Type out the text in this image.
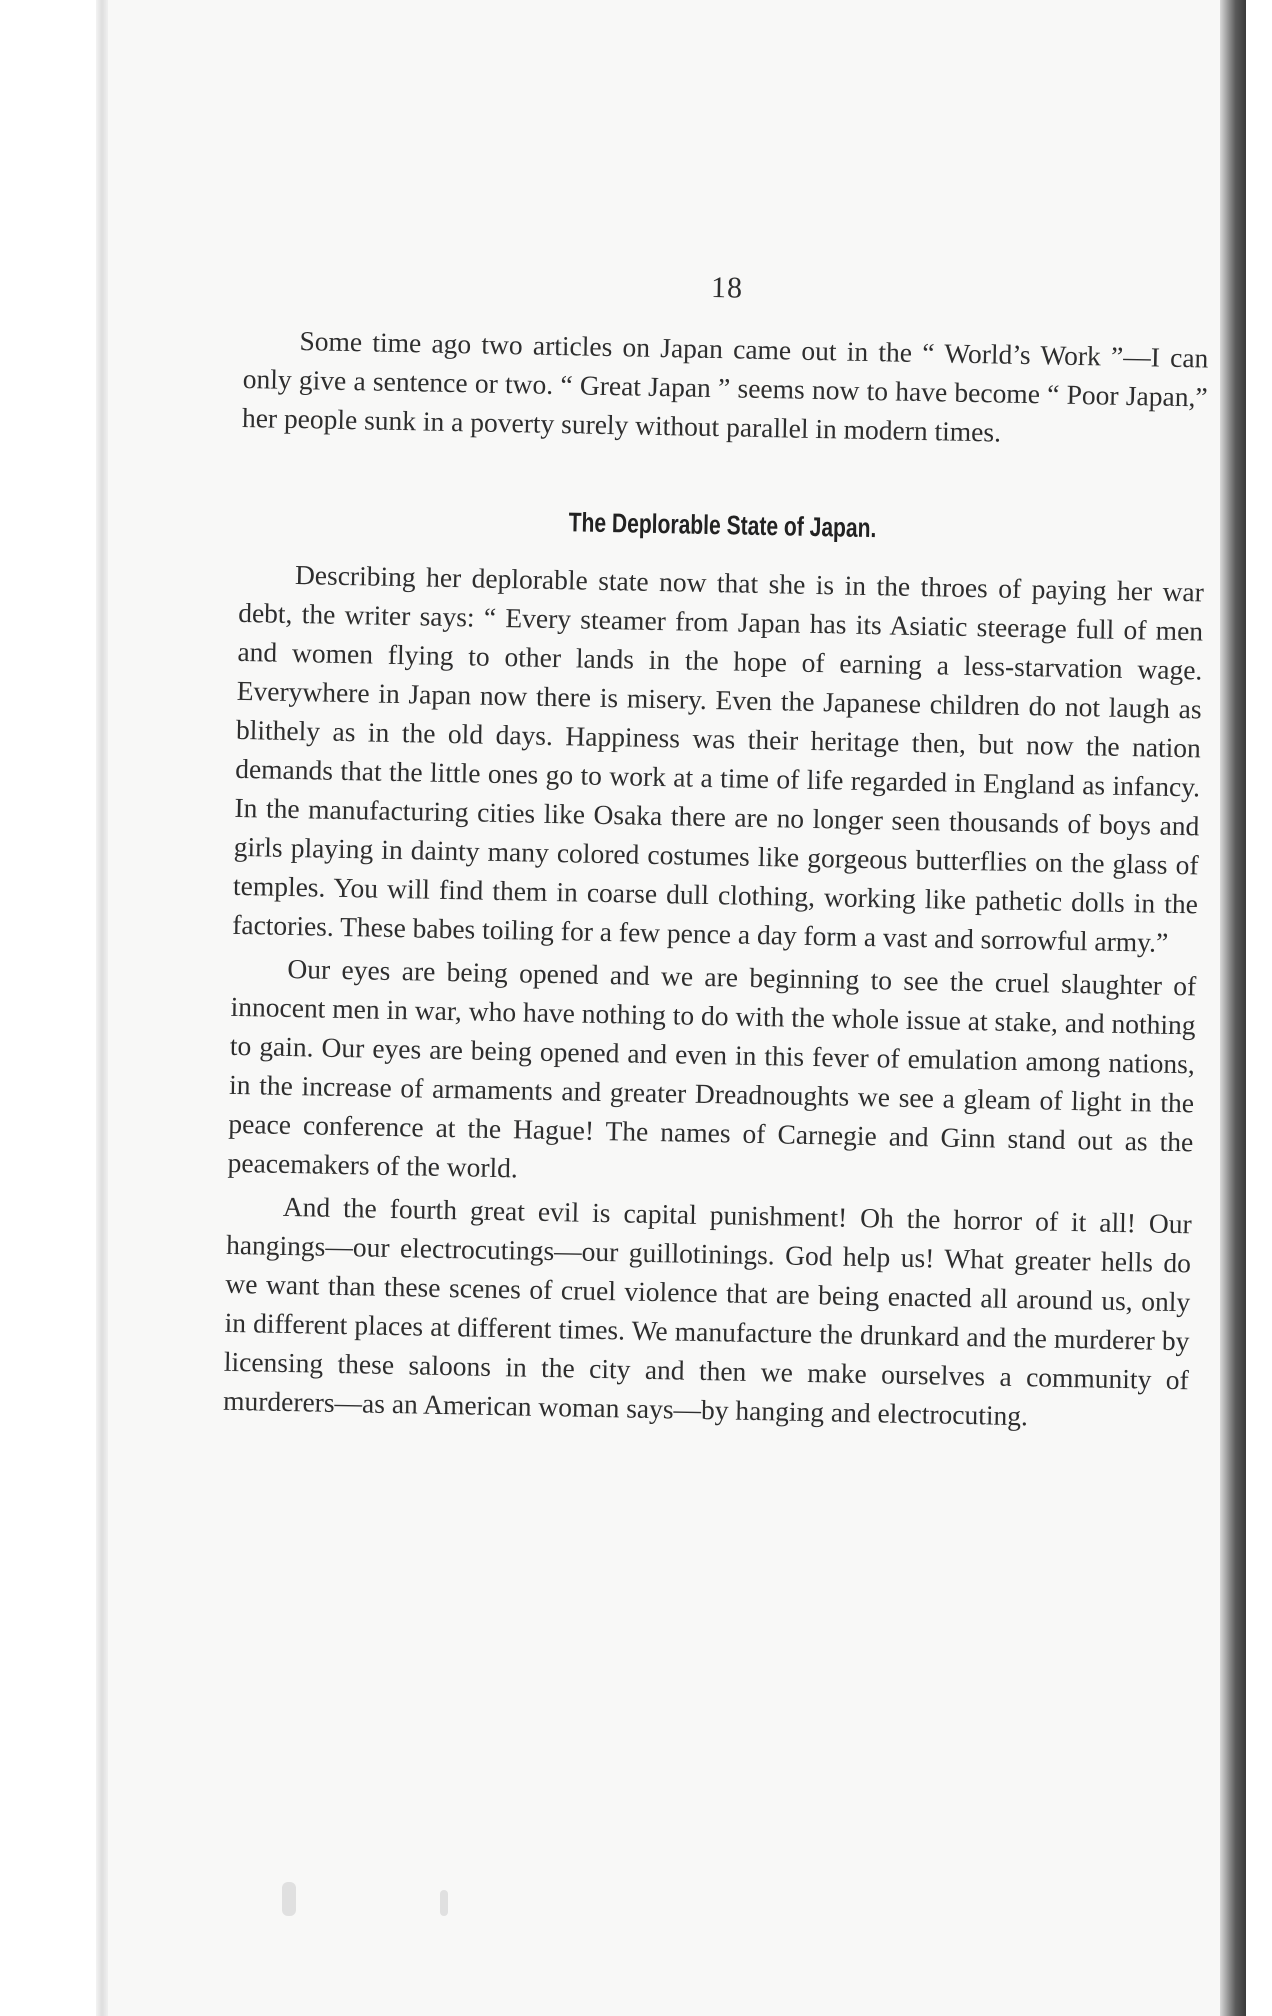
18

Some time ago two articles on Japan came out in the “ World’s Work ”—I can only give a sentence or two. “ Great Japan ” seems now to have become “ Poor Japan,” her people sunk in a poverty surely without parallel in modern times.

The Deplorable State of Japan.

Describing her deplorable state now that she is in the throes of paying her war debt, the writer says: “ Every steamer from Japan has its Asiatic steerage full of men and women flying to other lands in the hope of earning a less-starvation wage. Everywhere in Japan now there is misery. Even the Japanese children do not laugh as blithely as in the old days. Happiness was their heritage then, but now the nation demands that the little ones go to work at a time of life regarded in England as infancy. In the manufacturing cities like Osaka there are no longer seen thousands of boys and girls playing in dainty many colored costumes like gorgeous butterflies on the glass of temples. You will find them in coarse dull clothing, working like pathetic dolls in the factories. These babes toiling for a few pence a day form a vast and sorrowful army.”

Our eyes are being opened and we are beginning to see the cruel slaughter of innocent men in war, who have nothing to do with the whole issue at stake, and nothing to gain. Our eyes are being opened and even in this fever of emulation among nations, in the increase of armaments and greater Dreadnoughts we see a gleam of light in the peace conference at the Hague! The names of Carnegie and Ginn stand out as the peacemakers of the world.

And the fourth great evil is capital punishment! Oh the horror of it all! Our hangings—our electrocutings—our guillotinings. God help us! What greater hells do we want than these scenes of cruel violence that are being enacted all around us, only in different places at different times. We manufacture the drunkard and the murderer by licensing these saloons in the city and then we make ourselves a community of murderers—as an American woman says—by hanging and electrocuting.
